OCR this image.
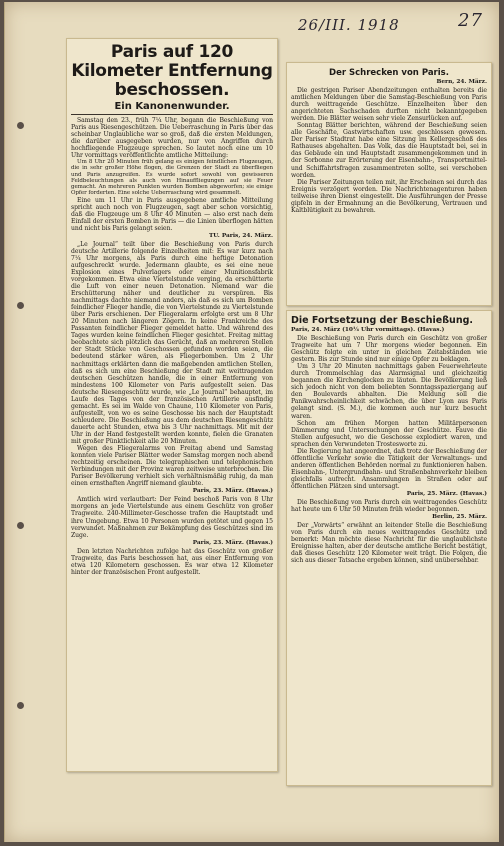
26/III. 1918	27
Paris auf 120 Kilometer Entfernung beschossen.
Ein Kanonenwunder.

Samstag den 23., früh 7¼ Uhr, begann die Beschießung von Paris aus Riesengeschützen. Die Ueberraschung in Paris über das scheinbar Unglaubliche war so groß, daß die ersten Meldungen, die darüber ausgegeben wurden, nur von Angriffen durch hochfliegende Flugzeuge sprechen. So lautet noch eine um 10 Uhr vormittags veröffentlichte amtliche Mitteilung:

Um 8 Uhr 20 Minuten früh gelang es einigen feindlichen Flugzeugen, die in sehr großer Höhe flogen, die Grenzen der Stadt zu überfliegen und Paris anzugreifen. Es wurde sofort sowohl von gewisseren Feldbeleuchtungen als auch von Hinauffliegungen auf sie Feuer gemacht. An mehreren Punkten wurden Bomben abgeworfen; sie einige Opfer forderten. Eine solche Ueberraschung wird gesammelt.

Eine um 11 Uhr in Paris ausgegebene amtliche Mitteilung spricht auch noch von Flugzeugen, sagt aber schon vorsichtig, daß die Flugzeuge um 8 Uhr 40 Minuten — also erst nach dem Einfall der ersten Bomben in Paris — die Linien überflogen hätten und nicht bis Paris gelangt seien.

TU. Paris, 24. März.

„Le Journal“ teilt über die Beschießung von Paris durch deutsche Artillerie folgende Einzelheiten mit: Es war kurz nach 7¼ Uhr morgens, als Paris durch eine heftige Detonation aufgeschreckt wurde. Jedermann glaubte, es sei eine neue Explosion eines Pulverlagers oder einer Munitionsfabrik vorgekommen. Etwa eine Viertelstunde verging, da erschütterte die Luft von einer neuen Detonation. Niemand war die Erschütterung näher und deutlicher zu verspüren. Bis nachmittags dachte niemand anders, als daß es sich um Bomben feindlicher Flieger handle, die von Viertelstunde zu Viertelstunde über Paris erschienen. Der Fliegeralarm erfolgte erst um 8 Uhr 20 Minuten nach längeren Zögern. In keine Frankreiche des Passanten feindlicher Flieger gemeldet hatte. Und während des Tages wurden keine feindlichen Flieger gesichtet. Freitag mittag beobachtete sich plötzlich das Gerücht, daß an mehreren Stellen der Stadt Stücke von Geschossen gefunden worden seien, die bedeutend stärker wären, als Fliegerbomben. Um 2 Uhr nachmittags erklärten dann die maßgebenden amtlichen Stellen, daß es sich um eine Beschießung der Stadt mit weittragenden deutschen Geschützen handle, die in einer Entfernung von mindestens 100 Kilometer von Paris aufgestellt seien. Das deutsche Riesengeschütz wurde, wie „Le Journal“ behauptet, im Laufe des Tages von der französischen Artillerie ausfindig gemacht. Es sei im Walde von Chaune, 110 Kilometer von Paris, aufgestellt, von wo es seine Geschosse bis nach der Hauptstadt schleudere. Die Beschießung aus dem deutschen Riesengeschütz dauerte acht Stunden, etwa bis 3 Uhr nachmittags. Mit mit der Uhr in der Hand festgestellt werden konnte, fielen die Granaten mit großer Pünktlichkeit alle 20 Minuten.

Wegen des Fliegeralarms von Freitag abend und Samstag konnten viele Pariser Blätter weder Samstag morgen noch abend rechtzeitig erscheinen. Die telegraphischen und telephonischen Verbindungen mit der Provinz waren zeitweise unterbrochen. Die Pariser Bevölkerung verhielt sich verhältnismäßig ruhig, da man einen ernsthaften Angriff niemand glaubte.

Paris, 23. März. (Havas.)

Amtlich wird verlautbart: Der Feind beschoß Paris von 8 Uhr morgens an jede Viertelstunde aus einem Geschütz von großer Tragweite. 240-Millimeter-Geschosse trafen die Hauptstadt und ihre Umgebung. Etwa 10 Personen wurden getötet und gegen 15 verwundet. Maßnahmen zur Bekämpfung des Geschützes sind im Zuge.

Paris, 23. März. (Havas.)

Den letzten Nachrichten zufolge hat das Geschütz von großer Tragweite, das Paris beschossen hat, aus einer Entfernung von etwa 120 Kilometern geschossen. Es war etwa 12 Kilometer hinter der französischen Front aufgestellt.

Der Schrecken von Paris.
Bern, 24. März.

Die gestrigen Pariser Abendzeitungen enthalten bereits die amtlichen Meldungen über die Samstag-Beschießung von Paris durch weittragende Geschütze. Einzelheiten über den angerichteten Sachschaden durften nicht bekanntgegeben werden. Die Blätter weisen sehr viele Zensurlücken auf.

Sonntag Blätter berichten, während der Beschießung seien alle Geschäfte, Gastwirtschaften usw. geschlossen gewesen. Der Pariser Stadtrat habe eine Sitzung im Kellergeschoß des Rathauses abgehalten. Das Volk, das die Hauptstadt bei, sei in das Gebäude ein und Hauptstadt zusammengekommen und in der Sorbonne zur Erörterung der Eisenbahn-, Transportmittel- und Schiffahrtsfragen zusammentreten sollte, sei verschoben worden.

Die Pariser Zeitungen teilen mit, ihr Erscheinen sei durch das Ereignis verzögert worden. Die Nachrichtenagenturen haben teilweise ihren Dienst eingestellt. Die Ausführungen der Presse gipfeln in der Ermahnung an die Bevölkerung, Vertrauen und Kaltblütigkeit zu bewahren.

Die Fortsetzung der Beschießung.
Paris, 24. März (10¼ Uhr vormittags). (Havas.)

Die Beschießung von Paris durch ein Geschütz von großer Tragweite hat um 7 Uhr morgens wieder begonnen. Ein Geschütz folgte ein unter in gleichen Zeitabständen wie gestern. Bis zur Stunde sind nur einige Opfer zu beklagen.

Um 3 Uhr 20 Minuten nachmittags gaben Feuerwehrleute durch Trommelschlag das Alarmsignal und gleichzeitig begannen die Kirchenglocken zu läuten. Die Bevölkerung ließ sich jedoch nicht von dem beliebten Sonntagsspaziergang auf den Boulevards abhalten. Die Meldung soll die Panikwahrscheinlichkeit schwächen, die über Lyon aus Paris gelangt sind. (S. M.), die kommen auch nur kurz besucht waren.

Schon am frühen Morgen hatten Militärpersonen Dämmerung und Untersuchungen der Geschütze. Fauve die Stellen aufgesucht, wo die Geschosse explodiert waren, und sprachen den Verwundeten Trostesworte zu.

Die Regierung hat angeordnet, daß trotz der Beschießung der öffentliche Verkehr sowie die Tätigkeit der Verwaltungs- und anderen öffentlichen Behörden normal zu funktionieren haben. Eisenbahn-, Untergrundbahn- und Straßenbahnverkehr bleiben gleichfalls aufrecht. Ansammlungen in Straßen oder auf öffentlichen Plätzen sind untersagt.

Paris, 25. März. (Havas.)

Die Beschießung von Paris durch ein weittragendes Geschütz hat heute um 6 Uhr 50 Minuten früh wieder begonnen.

Berlin, 25. März.

Der „Vorwärts“ erwähnt an leitender Stelle die Beschießung von Paris durch ein neues weittragendes Geschütz und bemerkt: Man möchte diese Nachricht für die unglaublichste Ereignisse halten, aber der deutsche amtliche Bericht bestätigt, daß dieses Geschütz 120 Kilometer weit trägt. Die Folgen, die sich aus dieser Tatsache ergeben können, sind unübersehbar.
